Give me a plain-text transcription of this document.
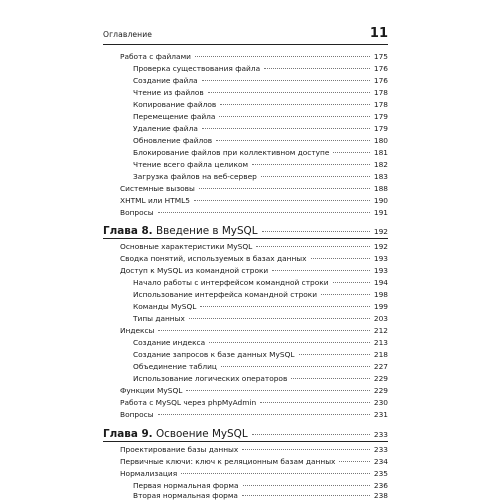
Оглавление	11
Работа с файлами	175
Проверка существования файла	176
Создание файла	176
Чтение из файлов	178
Копирование файлов	178
Перемещение файла	179
Удаление файла	179
Обновление файлов	180
Блокирование файлов при коллективном доступе	181
Чтение всего файла целиком	182
Загрузка файлов на веб-сервер	183
Системные вызовы	188
XHTML или HTML5	190
Вопросы	191
Глава 8. Введение в MySQL	192
Основные характеристики MySQL	192
Сводка понятий, используемых в базах данных	193
Доступ к MySQL из командной строки	193
Начало работы с интерфейсом командной строки	194
Использование интерфейса командной строки	198
Команды MySQL	199
Типы данных	203
Индексы	212
Создание индекса	213
Создание запросов к базе данных MySQL	218
Объединение таблиц	227
Использование логических операторов	229
Функции MySQL	229
Работа с MySQL через phpMyAdmin	230
Вопросы	231
Глава 9. Освоение MySQL	233
Проектирование базы данных	233
Первичные ключи: ключ к реляционным базам данных	234
Нормализация	235
Первая нормальная форма	236
Вторая нормальная форма	238
